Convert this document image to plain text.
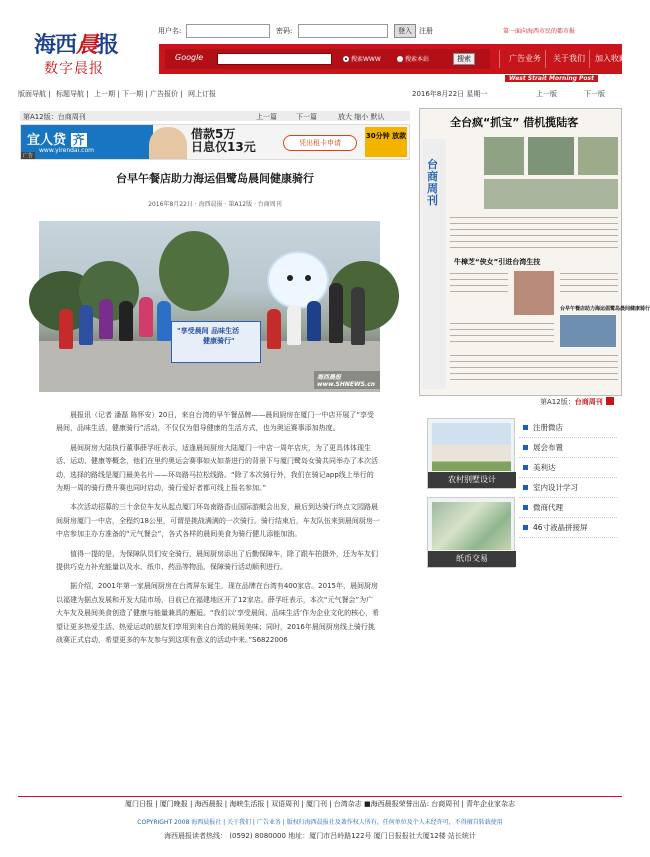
海西晨报
数字晨报
用户名:	密码:	登入	注册	第一面向海西市民的都市报
Google	搜索WWW	搜索本站	搜索	广告业务 关于我们 加入收藏
West Strait Morning Post
版面导航 | 标题导航 | 上一期 | 下一期 | 广告报价 | 网上订报	2016年8月22日 星期一	上一版	下一版
第A12版：台商周刊	上一篇	下一篇	放大 缩小 默认
宜人贷 齐
www.yirendai.com
借款5万
日息仅13元	凭出租卡申请
30分钟 放款
广告
台早午餐店助力海运倡鹭岛晨间健康骑行
2016年8月22日 · 海西晨报 · 第A12版 · 台商周刊
"享受晨间 品味生活
健康骑行"
海西晨报 www.SHNEWS.cn

晨报讯（记者 潘磊 陈怀安）20日，来自台湾的早午餐品牌——晨间厨房在厦门一中店开展了“享受晨间，品味生活，健康骑行”活动，不仅仅为倡导健康的生活方式，也为奥运赛事添加热度。

晨间厨房大陆执行董事薛孚旺表示，适逢晨间厨房大陆厦门一中店一周年店庆，为了更具体体现生活、运动、健康等概念，他们在里约奥运会赛事如火如荼进行的背景下与厦门鹭岛女骑共同举办了本次活动，选择的路线是厦门最美名片——环岛路马拉松线路。“除了本次骑行外，我们在骑记app线上举行的为期一周的骑行费升赛也同时启动，骑行爱好者都可线上报名参加。”

本次活动招募的三十余位车友从起点厦门环岛南路香山国际游艇会出发，最后到达骑行终点文园路晨间厨房厦门一中店，全程约18公里，可谓是挑战满满的一次骑行。骑行结束后，车友队伍来到晨间厨房一中店参加主办方准备的“元气餐会”，各式各样的晨间美食为骑行健儿添能加油。

值得一提的是，为保障队员们安全骑行，晨间厨房添出了后勤保障车，除了跟车拍摄外，还为车友们提供巧克力补充能量以及水、纸巾、药品等物品，保障骑行活动顺利进行。

据介绍，2001年第一家晨间厨房在台湾屏东诞生，现在品牌在台湾有400家店。2015年，晨间厨房以福建为据点发展和开发大陆市场，目前已在福建地区开了12家店。薛孚旺表示，本次“元气餐会”为广大车友及晨间美食创造了健康与能量兼具的邂逅。“我们以‘享受晨间、品味生活’作为企业文化的核心，希望让更多热爱生活、热爱运动的朋友们享用到来自台湾的晨间美味；同时，2016年晨间厨房线上骑行挑战赛正式启动，希望更多的车友参与到这项有意义的活动中来。”S6822006

全台疯“抓宝” 借机揽陆客
台商周刊
牛樟芝“侠女”引进台湾生技
台早午餐店助力海运倡鹭岛晨间健康骑行
第A12版：台商周刊
农村别墅设计
纸币交易
注册微店
展会布置
美利达
室内设计学习
微商代理
46寸液晶拼接屏
厦门日报 | 厦门晚报 | 海西晨报 | 海峡生活报 | 双语周刊 | 厦门刊 | 台湾杂志 ■海西晨报荣誉出品: 台商周刊 | 青年企业家杂志
COPYRIGHT 2008 海西晨报社 | 关于我们 | 广告业务 | 版权归海西晨报社及著作权人所有，任何单位及个人未经许可，不得擅自转载使用
海西晨报读者热线： (0592) 8080000 地址：厦门市吕岭路122号 厦门日报报社大厦12楼 站长统计
